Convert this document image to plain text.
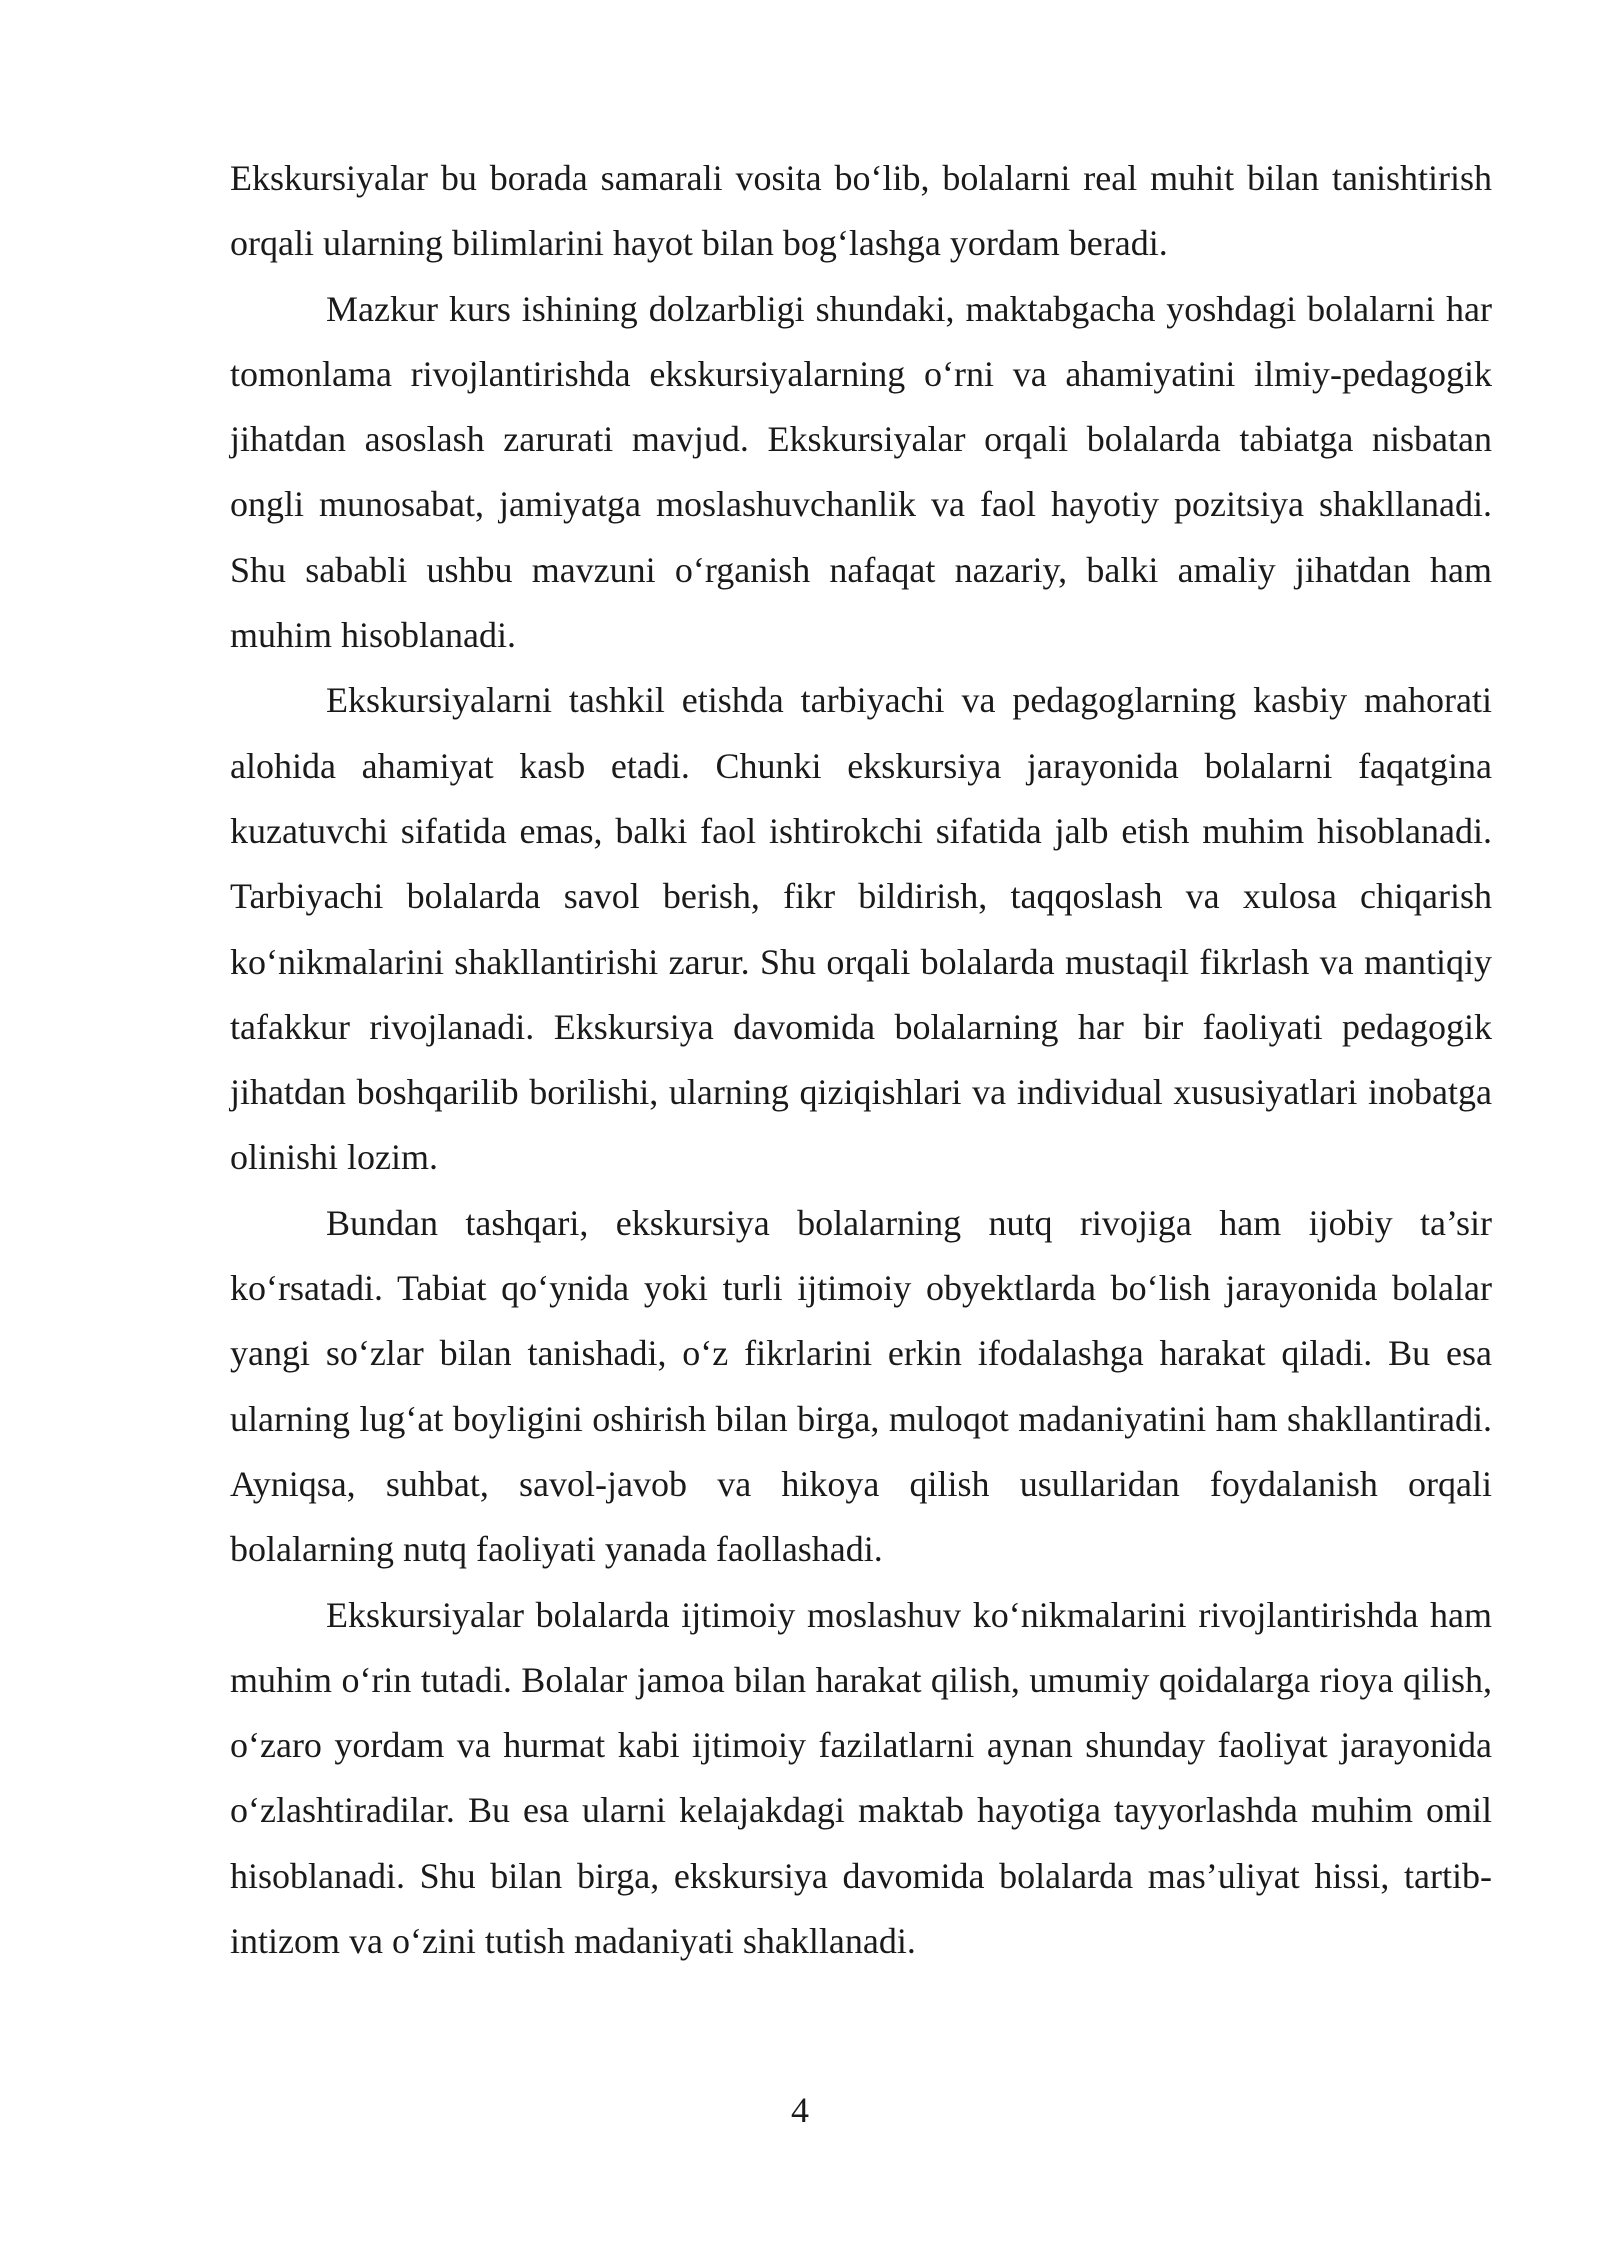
Ekskursiyalar bu borada samarali vosita bo‘lib, bolalarni real muhit bilan tanishtirish orqali ularning bilimlarini hayot bilan bog‘lashga yordam beradi.

Mazkur kurs ishining dolzarbligi shundaki, maktabgacha yoshdagi bolalarni har tomonlama rivojlantirishda ekskursiyalarning o‘rni va ahamiyatini ilmiy-pedagogik jihatdan asoslash zarurati mavjud. Ekskursiyalar orqali bolalarda tabiatga nisbatan ongli munosabat, jamiyatga moslashuvchanlik va faol hayotiy pozitsiya shakllanadi. Shu sababli ushbu mavzuni o‘rganish nafaqat nazariy, balki amaliy jihatdan ham muhim hisoblanadi.

Ekskursiyalarni tashkil etishda tarbiyachi va pedagoglarning kasbiy mahorati alohida ahamiyat kasb etadi. Chunki ekskursiya jarayonida bolalarni faqatgina kuzatuvchi sifatida emas, balki faol ishtirokchi sifatida jalb etish muhim hisoblanadi. Tarbiyachi bolalarda savol berish, fikr bildirish, taqqoslash va xulosa chiqarish ko‘nikmalarini shakllantirishi zarur. Shu orqali bolalarda mustaqil fikrlash va mantiqiy tafakkur rivojlanadi. Ekskursiya davomida bolalarning har bir faoliyati pedagogik jihatdan boshqarilib borilishi, ularning qiziqishlari va individual xususiyatlari inobatga olinishi lozim.

Bundan tashqari, ekskursiya bolalarning nutq rivojiga ham ijobiy ta’sir ko‘rsatadi. Tabiat qo‘ynida yoki turli ijtimoiy obyektlarda bo‘lish jarayonida bolalar yangi so‘zlar bilan tanishadi, o‘z fikrlarini erkin ifodalashga harakat qiladi. Bu esa ularning lug‘at boyligini oshirish bilan birga, muloqot madaniyatini ham shakllantiradi. Ayniqsa, suhbat, savol-javob va hikoya qilish usullaridan foydalanish orqali bolalarning nutq faoliyati yanada faollashadi.

Ekskursiyalar bolalarda ijtimoiy moslashuv ko‘nikmalarini rivojlantirishda ham muhim o‘rin tutadi. Bolalar jamoa bilan harakat qilish, umumiy qoidalarga rioya qilish, o‘zaro yordam va hurmat kabi ijtimoiy fazilatlarni aynan shunday faoliyat jarayonida o‘zlashtiradilar. Bu esa ularni kelajakdagi maktab hayotiga tayyorlashda muhim omil hisoblanadi. Shu bilan birga, ekskursiya davomida bolalarda mas’uliyat hissi, tartib-intizom va o‘zini tutish madaniyati shakllanadi.

4
